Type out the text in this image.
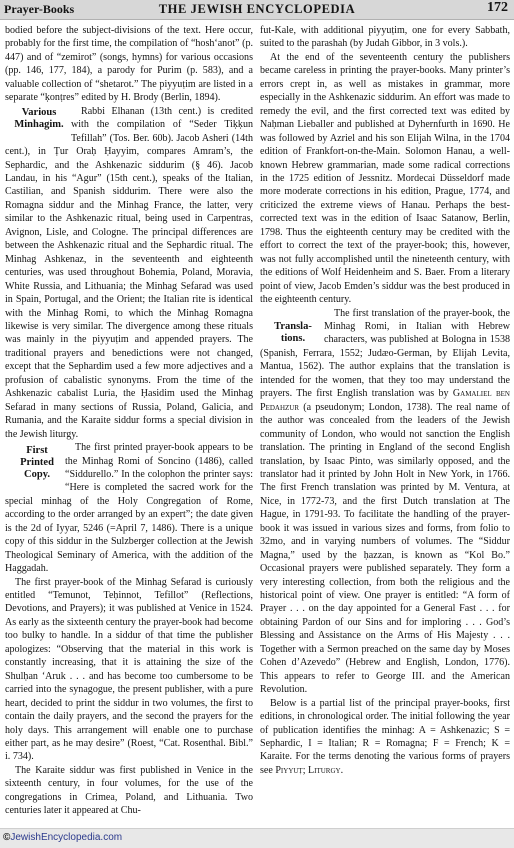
Prayer-Books	THE JEWISH ENCYCLOPEDIA	172

bodied before the subject-divisions of the text. Here occur, probably for the first time, the compilation of “hosh‘anot” (p. 447) and of “zemirot” (songs, hymns) for various occasions (pp. 146, 177, 184), a parody for Purim (p. 583), and a valuable collection of “shetarot.” The piyyuṭim are listed in a separate “ḳonṭres” edited by H. Brody (Berlin, 1894).

Various
Minhagim.
Rabbi Elhanan (13th cent.) is credited with the compilation of “Seder Tiḳḳun Tefillah” (Tos. Ber. 60b). Jacob Asheri (14th cent.), in Ṭur Oraḥ Ḥayyim, compares Amram’s, the Sephardic, and the Ashkenazic siddurim (§ 46). Jacob Landau, in his “Agur” (15th cent.), speaks of the Italian, Castilian, and Spanish siddurim. There were also the Romagna siddur and the Minhag France, the latter, very similar to the Ashkenazic ritual, being used in Carpentras, Avignon, Lisle, and Cologne. The principal differences are between the Ashkenazic ritual and the Sephardic ritual. The Minhag Ashkenaz, in the seventeenth and eighteenth centuries, was used throughout Bohemia, Poland, Moravia, White Russia, and Lithuania; the Minhag Sefarad was used in Spain, Portugal, and the Orient; the Italian rite is identical with the Minhag Romi, to which the Minhag Romagna likewise is very similar. The divergence among these rituals was mainly in the piyyuṭim and appended prayers. The traditional prayers and benedictions were not changed, except that the Sephardim used a few more adjectives and a profusion of cabalistic synonyms. From the time of the Ashkenazic cabalist Luria, the Ḥasidim used the Minhag Sefarad in many sections of Russia, Poland, Galicia, and Rumania, and the Karaite siddur forms a special division in the Jewish liturgy.

First
Printed
Copy.
The first printed prayer-book appears to be the Minhag Romi of Soncino (1486), called “Siddurello.” In the colophon the printer says: “Here is completed the sacred work for the special minhag of the Holy Congregation of Rome, according to the order arranged by an expert”; the date given is the 2d of Iyyar, 5246 (=April 7, 1486). There is a unique copy of this siddur in the Sulzberger collection at the Jewish Theological Seminary of America, with the addition of the Haggadah.

The first prayer-book of the Minhag Sefarad is curiously entitled “Temunot, Teḥinnot, Tefillot” (Reflections, Devotions, and Prayers); it was published at Venice in 1524. As early as the sixteenth century the prayer-book had become too bulky to handle. In a siddur of that time the publisher apologizes: “Observing that the material in this work is constantly increasing, that it is attaining the size of the Shulḥan ‘Aruk . . . and has become too cumbersome to be carried into the synagogue, the present publisher, with a pure heart, decided to print the siddur in two volumes, the first to contain the daily prayers, and the second the prayers for the holy days. This arrangement will enable one to purchase either part, as he may desire” (Roest, “Cat. Rosenthal. Bibl.” i. 734).

The Karaite siddur was first published in Venice in the sixteenth century, in four volumes, for the use of the congregations in Crimea, Poland, and Lithuania. Two centuries later it appeared at Chu-

fut-Kale, with additional piyyuṭim, one for every Sabbath, suited to the parashah (by Judah Gibbor, in 3 vols.).

At the end of the seventeenth century the publishers became careless in printing the prayer-books. Many printer’s errors crept in, as well as mistakes in grammar, more especially in the Ashkenazic siddurim. An effort was made to remedy the evil, and the first corrected text was edited by Naḥman Lieballer and published at Dyhernfurth in 1690. He was followed by Azriel and his son Elijah Wilna, in the 1704 edition of Frankfort-on-the-Main. Solomon Hanau, a well-known Hebrew grammarian, made some radical corrections in the 1725 edition of Jessnitz. Mordecai Düsseldorf made more moderate corrections in his edition, Prague, 1774, and criticized the extreme views of Hanau. Perhaps the best-corrected text was in the edition of Isaac Satanow, Berlin, 1798. Thus the eighteenth century may be credited with the effort to correct the text of the prayer-book; this, however, was not fully accomplished until the nineteenth century, with the editions of Wolf Heidenheim and S. Baer. From a literary point of view, Jacob Emden’s siddur was the best produced in the eighteenth century.

Transla-
tions.
The first translation of the prayer-book, the Minhag Romi, in Italian with Hebrew characters, was published at Bologna in 1538 (Spanish, Ferrara, 1552; Judæo-German, by Elijah Levita, Mantua, 1562). The author explains that the translation is intended for the women, that they too may understand the prayers. The first English translation was by Gamaliel ben Pedahzur (a pseudonym; London, 1738). The real name of the author was concealed from the leaders of the Jewish community of London, who would not sanction the English translation. The printing in England of the second English translation, by Isaac Pinto, was similarly opposed, and the translator had it printed by John Holt in New York, in 1766. The first French translation was printed by M. Ventura, at Nice, in 1772-73, and the first Dutch translation at The Hague, in 1791-93. To facilitate the handling of the prayer-book it was issued in various sizes and forms, from folio to 32mo, and in varying numbers of volumes. The “Siddur Magna,” used by the ḥazzan, is known as “Kol Bo.” Occasional prayers were published separately. They form a very interesting collection, from both the religious and the historical point of view. One prayer is entitled: “A form of Prayer . . . on the day appointed for a General Fast . . . for obtaining Pardon of our Sins and for imploring . . . God’s Blessing and Assistance on the Arms of His Majesty . . . Together with a Sermon preached on the same day by Moses Cohen d’Azevedo” (Hebrew and English, London, 1776). This appears to refer to George III. and the American Revolution.

Below is a partial list of the principal prayer-books, first editions, in chronological order. The initial following the year of publication identifies the minhag: A = Ashkenazic; S = Sephardic, I = Italian; R = Romagna; F = French; K = Karaite. For the terms denoting the various forms of prayers see Piyyuṭ; Liturgy.

©JewishEncyclopedia.com
